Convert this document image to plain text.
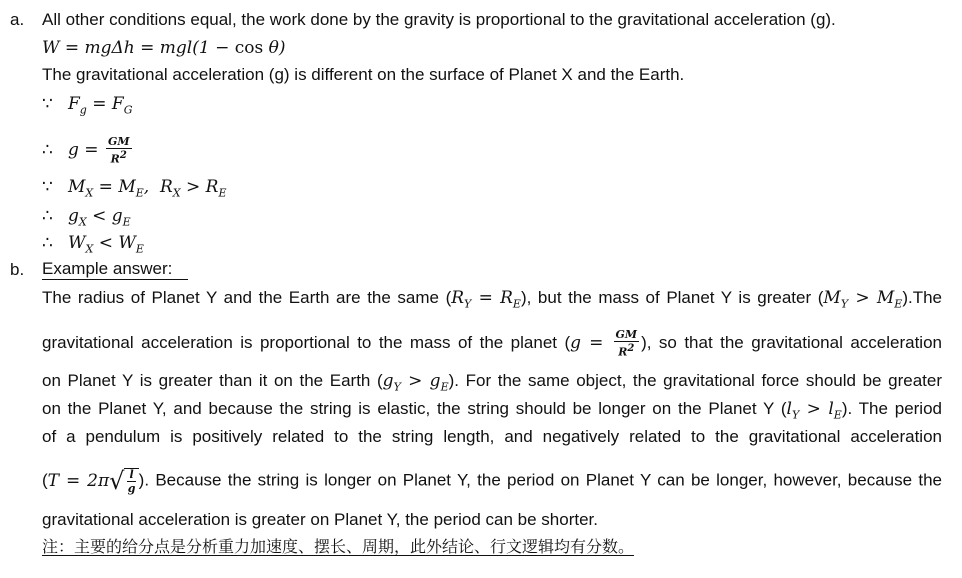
a. All other conditions equal, the work done by the gravity is proportional to the gravitational acceleration (g).
W = mgΔh = mgl(1 − cos θ)
The gravitational acceleration (g) is different on the surface of Planet X and the Earth.
∵ $F_g = F_G$
∴ $g = \frac{GM}{R^2}$
∵ $M_X = M_E$,  $R_X > R_E$
∴ $g_X < g_E$
∴ $W_X < W_E$
b. Example answer:
The radius of Planet Y and the Earth are the same $(R_Y = R_E)$, but the mass of Planet Y is greater $(M_Y > M_E).The$
gravitational acceleration is proportional to the mass of the planet ($g = \frac{GM}{R^2}$ ), so that the gravitational acceleration
on Planet Y is greater than it on the Earth $(g_Y > g_E)$. For the same object, the gravitational force should be greater
on the Planet Y, and because the string is elastic, the string should be longer on the Planet Y $(l_Y > l_E)$. The period
of a pendulum is positively related to the string length, and negatively related to the gravitational acceleration
(T = 2π √ $\frac{l}{g}$ ). Because the string is longer on Planet Y, the period on Planet Y can be longer, however, because the
gravitational acceleration is greater on Planet Y, the period can be shorter.
注：主要的给分点是分析重力加速度、摆长、周期，此外结论、行文逻辑均有分数。
